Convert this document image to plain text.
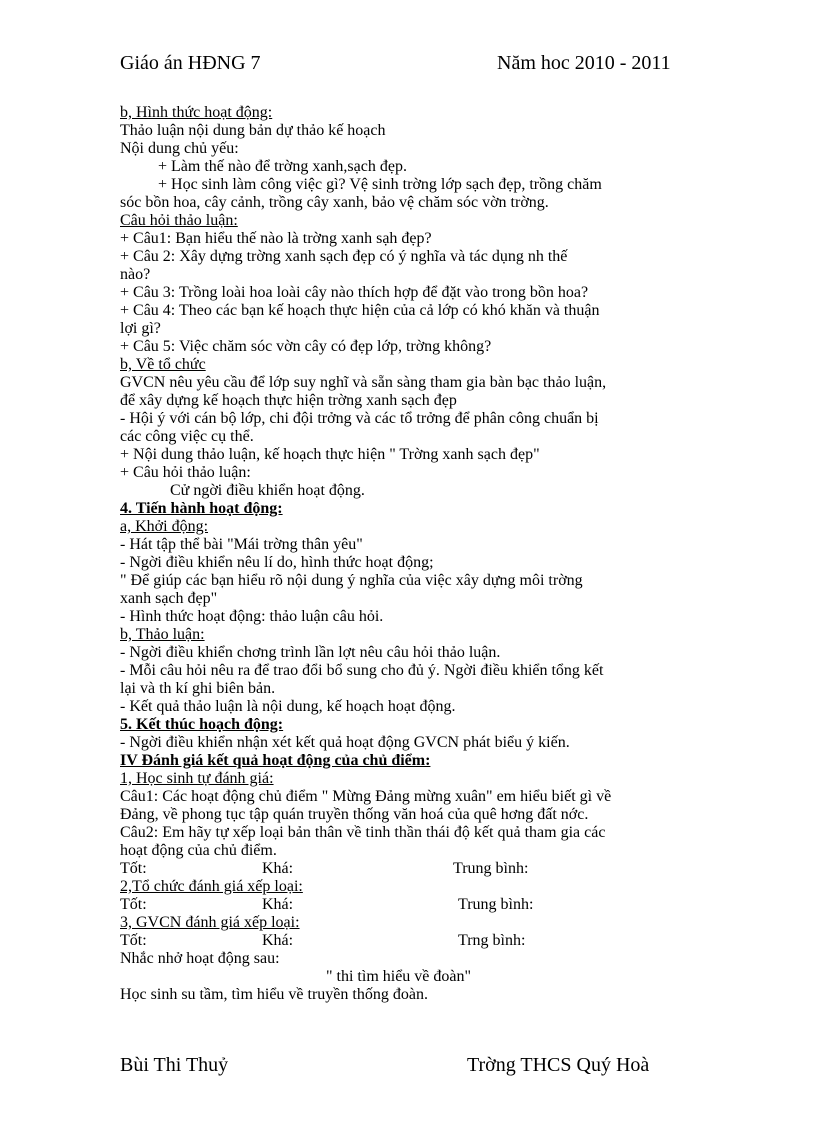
Giáo án HĐNG 7	Năm hoc 2010 - 2011

b, Hình thức hoạt động:

Thảo luận nội dung bản dự thảo kế hoạch

Nội dung chủ yếu:

+ Làm thế nào để trờng xanh,sạch đẹp.

+ Học sinh làm công việc gì? Vệ sinh trờng lớp sạch đẹp, trồng chăm

sóc bồn hoa, cây cảnh, trồng cây xanh, bảo vệ chăm sóc vờn trờng.

Câu hỏi thảo luận:

+ Câu1: Bạn hiểu thế nào là trờng xanh sạh đẹp?

+ Câu 2: Xây dựng trờng xanh sạch đẹp có ý nghĩa và tác dụng nh thế

nào?

+ Câu 3: Trồng loài hoa loài cây nào thích hợp để đặt vào trong bồn hoa?

+ Câu 4: Theo các bạn kế hoạch thực hiện của cả lớp có khó khăn và thuận

lợi gì?

+ Câu 5: Việc chăm sóc vờn cây có đẹp lớp, trờng không?

b, Về tổ chức

GVCN nêu yêu cầu để lớp suy nghĩ và sẵn sàng tham gia bàn bạc thảo luận,

để xây dựng kế hoạch thực hiện trờng xanh sạch đẹp

- Hội ý với cán bộ lớp, chi đội trởng và các tổ trởng để phân công chuẩn bị

các công việc cụ thể.

+ Nội dung thảo luận, kế hoạch thực hiện " Trờng xanh sạch đẹp"

+ Câu hỏi thảo luận:

Cử ngời điều khiển hoạt động.

4. Tiến hành hoạt động:

a, Khởi động:

- Hát tập thể bài "Mái trờng thân yêu"

- Ngời điều khiển nêu lí do, hình thức hoạt động;

" Để giúp các bạn hiểu rõ nội dung ý nghĩa của việc xây dựng môi trờng

xanh sạch đẹp"

- Hình thức hoạt động: thảo luận câu hỏi.

b, Thảo luận:

- Ngời điều khiển chơng trình lần lợt nêu câu hỏi thảo luận.

- Mỗi câu hỏi nêu ra để trao đổi bổ sung cho đủ ý. Ngời điều khiển tổng kết

lại và th kí ghi biên bản.

- Kết quả thảo luận là nội dung, kế hoạch hoạt động.

5. Kết thúc hoạch động:

- Ngời điều khiển nhận xét kết quả hoạt động GVCN phát biểu ý kiến.

IV Đánh giá kết quả hoạt động của chủ điểm:

1, Học sinh tự đánh giá:

Câu1: Các hoạt động chủ điểm " Mừng Đảng mừng xuân" em hiểu biết gì về

Đảng, về phong tục tập quán truyền thống văn hoá của quê hơng đất nớc.

Câu2: Em hãy tự xếp loại bản thân về tinh thần thái độ kết quả tham gia các

hoạt động của chủ điểm.

Tốt:	Khá:	Trung bình:

2,Tổ chức đánh giá xếp loại:

Tốt:	Khá:	Trung bình:

3, GVCN đánh giá xếp loại:

Tốt:	Khá:	Trng bình:

Nhắc nhở hoạt động sau:

" thi tìm hiểu về đoàn"

Học sinh su tầm, tìm hiểu về truyền thống đoàn.

Bùi Thi Thuỷ	Trờng THCS Quý Hoà
